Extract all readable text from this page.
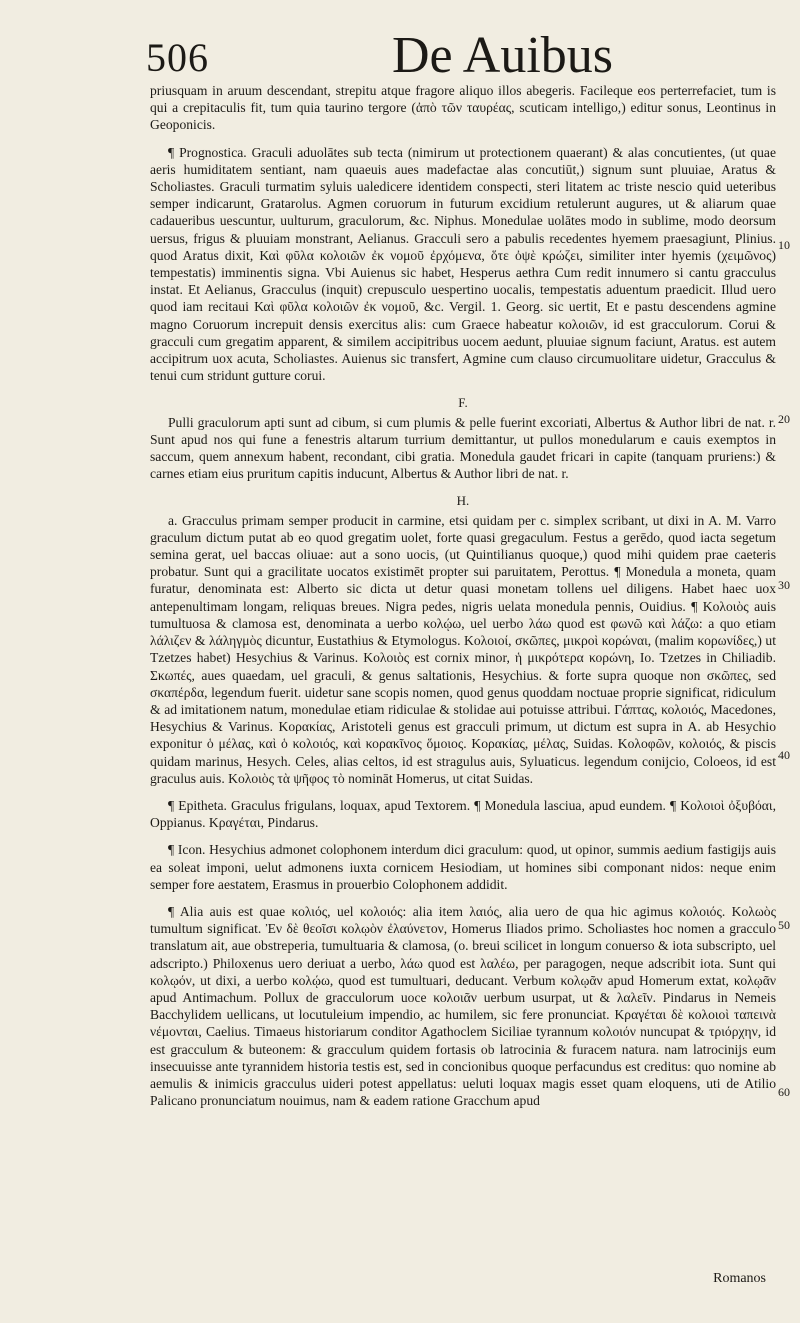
506	De Auibus

priusquam in aruum descendant, strepitu atque fragore aliquo illos abegeris. Facileque eos perterrefaciet, tum is qui a crepitaculis fit, tum quia taurino tergore (ἀπὸ τῶν ταυρέας, scuticam intelligo,) editur sonus, Leontinus in Geoponicis.

¶ Prognostica. Graculi aduolātes sub tecta (nimirum ut protectionem quaerant) & alas concutientes, (ut quae aeris humiditatem sentiant, nam quaeuis aues madefactae alas concutiūt,) signum sunt pluuiae, Aratus & Scholiastes. Graculi turmatim syluis ualedicere identidem conspecti, steri litatem ac triste nescio quid ueteribus semper indicarunt, Gratarolus. Agmen coruorum in futurum excidium retulerunt augures, ut & aliarum quae cadaueribus uescuntur, uulturum, graculorum, &c. Niphus. Monedulae uolātes modo in sublime, modo deorsum uersus, frigus & pluuiam monstrant, Aelianus. Gracculi sero a pabulis recedentes hyemem praesagiunt, Plinius. quod Aratus dixit, Καὶ φῦλα κολοιῶν ἐκ νομοῦ ἐρχόμενα, ὅτε ὀψὲ κρώζει, similiter inter hyemis (χειμῶνος) tempestatis) imminentis signa. Vbi Auienus sic habet, Hesperus aethra Cum redit innumero si cantu gracculus instat. Et Aelianus, Gracculus (inquit) crepusculo uespertino uocalis, tempestatis aduentum praedicit. Illud uero quod iam recitaui Καὶ φῦλα κολοιῶν ἐκ νομοῦ, &c. Vergil. 1. Georg. sic uertit, Et e pastu descendens agmine magno Coruorum increpuit densis exercitus alis: cum Graece habeatur κολοιῶν, id est gracculorum. Corui & gracculi cum gregatim apparent, & similem accipitribus uocem aedunt, pluuiae signum faciunt, Aratus. est autem accipitrum uox acuta, Scholiastes. Auienus sic transfert, Agmine cum clauso circumuolitare uidetur, Gracculus & tenui cum stridunt gutture corui.

F.

Pulli graculorum apti sunt ad cibum, si cum plumis & pelle fuerint excoriati, Albertus & Author libri de nat. r. Sunt apud nos qui fune a fenestris altarum turrium demittantur, ut pullos monedularum e cauis exemptos in saccum, quem annexum habent, recondant, cibi gratia. Monedula gaudet fricari in capite (tanquam pruriens:) & carnes etiam eius pruritum capitis inducunt, Albertus & Author libri de nat. r.

H.

a. Gracculus primam semper producit in carmine, etsi quidam per c. simplex scribant, ut dixi in A. M. Varro graculum dictum putat ab eo quod gregatim uolet, forte quasi gregaculum. Festus a gerēdo, quod iacta segetum semina gerat, uel baccas oliuae: aut a sono uocis, (ut Quintilianus quoque,) quod mihi quidem prae caeteris probatur. Sunt qui a gracilitate uocatos existimēt propter sui paruitatem, Perottus. ¶ Monedula a moneta, quam furatur, denominata est: Alberto sic dicta ut detur quasi monetam tollens uel diligens. Habet haec uox antepenultimam longam, reliquas breues. Nigra pedes, nigris uelata monedula pennis, Ouidius. ¶ Κολοιὸς auis tumultuosa & clamosa est, denominata a uerbo κολῴω, uel uerbo λάω quod est φωνῶ καὶ λάζω: a quo etiam λάλιζεν & λάληγμὸς dicuntur, Eustathius & Etymologus. Κολοιοί, σκῶπες, μικροὶ κορώναι, (malim κορωνίδες,) ut Tzetzes habet) Hesychius & Varinus. Κολοιὸς est cornix minor, ἡ μικρότερα κορώνη, Io. Tzetzes in Chiliadib. Σκωπές, aues quaedam, uel graculi, & genus saltationis, Hesychius. & forte supra quoque non σκῶπες, sed σκαπέρδα, legendum fuerit. uidetur sane scopis nomen, quod genus quoddam noctuae proprie significat, ridiculum & ad imitationem natum, monedulae etiam ridiculae & stolidae aui potuisse attribui. Γάπτας, κολοιός, Macedones, Hesychius & Varinus. Κορακίας, Aristoteli genus est gracculi primum, ut dictum est supra in A. ab Hesychio exponitur ὁ μέλας, καὶ ὁ κολοιός, καὶ κορακῖνος ὅμοιος. Κορακίας, μέλας, Suidas. Κολοφῶν, κολοιός, & piscis quidam marinus, Hesych. Celes, alias celtos, id est stragulus auis, Syluaticus. legendum conijcio, Coloeos, id est graculus auis. Κολοιὸς τὰ ψῆφος τὸ nomināt Homerus, ut citat Suidas.

¶ Epitheta. Graculus frigulans, loquax, apud Textorem. ¶ Monedula lasciua, apud eundem. ¶ Κολοιοὶ ὀξυβόαι, Oppianus. Κραγέται, Pindarus.

¶ Icon. Hesychius admonet colophonem interdum dici graculum: quod, ut opinor, summis aedium fastigijs auis ea soleat imponi, uelut admonens iuxta cornicem Hesiodiam, ut homines sibi componant nidos: neque enim semper fore aestatem, Erasmus in prouerbio Colophonem addidit.

¶ Alia auis est quae κολιός, uel κολοιός: alia item λαιός, alia uero de qua hic agimus κολοιός. Κολωὸς tumultum significat. Ἐν δὲ θεοῖσι κολῳὸν ἐλαύνετον, Homerus Iliados primo. Scholiastes hoc nomen a gracculo translatum ait, aue obstreperia, tumultuaria & clamosa, (o. breui scilicet in longum conuerso & iota subscripto, uel adscripto.) Philoxenus uero deriuat a uerbo, λάω quod est λαλέω, per paragogen, neque adscribit iota. Sunt qui κολῳόν, ut dixi, a uerbo κολῴω, quod est tumultuari, deducant. Verbum κολῳᾶν apud Homerum extat, κολῳᾶν apud Antimachum. Pollux de gracculorum uoce κολοιᾶν uerbum usurpat, ut & λαλεῖν. Pindarus in Nemeis Bacchylidem uellicans, ut locutuleium impendio, ac humilem, sic fere pronunciat. Κραγέται δὲ κολοιοὶ ταπεινὰ νέμονται, Caelius. Timaeus historiarum conditor Agathoclem Siciliae tyrannum κολοιόν nuncupat & τριόρχην, id est gracculum & buteonem: & gracculum quidem fortasis ob latrocinia & furacem natura. nam latrocinijs eum insecuuisse ante tyrannidem historia testis est, sed in concionibus quoque perfacundus est creditus: quo nomine ab aemulis & inimicis gracculus uideri potest appellatus: ueluti loquax magis esset quam eloquens, uti de Atilio Palicano pronunciatum nouimus, nam & eadem ratione Gracchum apud

10
20
30
40
50
60
Romanos
